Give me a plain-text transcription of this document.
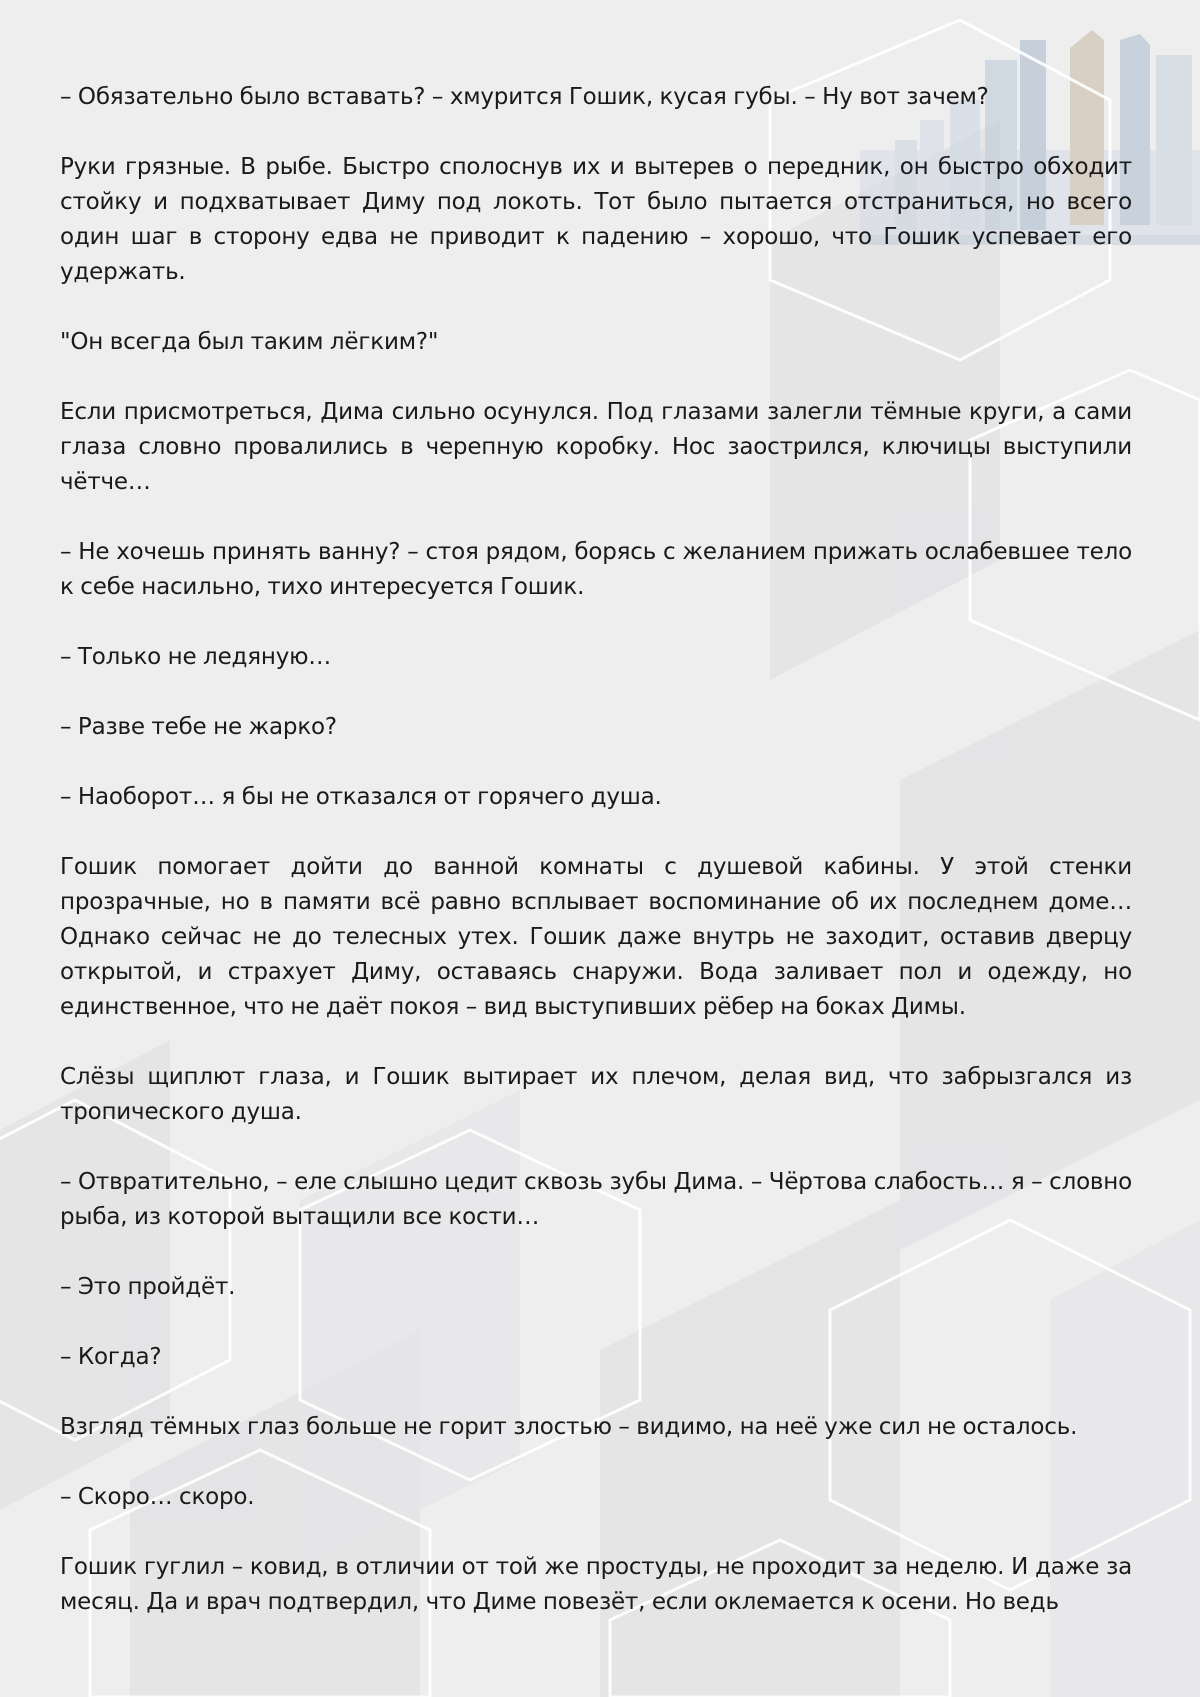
– Обязательно было вставать? – хмурится Гошик, кусая губы. – Ну вот зачем?

Руки грязные. В рыбе. Быстро сполоснув их и вытерев о передник, он быстро обходит стойку и подхватывает Диму под локоть. Тот было пытается отстраниться, но всего один шаг в сторону едва не приводит к падению – хорошо, что Гошик успевает его удержать.

"Он всегда был таким лёгким?"

Если присмотреться, Дима сильно осунулся. Под глазами залегли тёмные круги, а сами глаза словно провалились в черепную коробку. Нос заострился, ключицы выступили чётче…

– Не хочешь принять ванну? – стоя рядом, борясь с желанием прижать ослабевшее тело к себе насильно, тихо интересуется Гошик.

– Только не ледяную…

– Разве тебе не жарко?

– Наоборот… я бы не отказался от горячего душа.

Гошик помогает дойти до ванной комнаты с душевой кабины. У этой стенки прозрачные, но в памяти всё равно всплывает воспоминание об их последнем доме… Однако сейчас не до телесных утех. Гошик даже внутрь не заходит, оставив дверцу открытой, и страхует Диму, оставаясь снаружи. Вода заливает пол и одежду, но единственное, что не даёт покоя – вид выступивших рёбер на боках Димы.

Слёзы щиплют глаза, и Гошик вытирает их плечом, делая вид, что забрызгался из тропического душа.

– Отвратительно, – еле слышно цедит сквозь зубы Дима. – Чёртова слабость… я – словно рыба, из которой вытащили все кости…

– Это пройдёт.

– Когда?

Взгляд тёмных глаз больше не горит злостью – видимо, на неё уже сил не осталось.

– Скоро… скоро.

Гошик гуглил – ковид, в отличии от той же простуды, не проходит за неделю. И даже за месяц. Да и врач подтвердил, что Диме повезёт, если оклемается к осени. Но ведь
